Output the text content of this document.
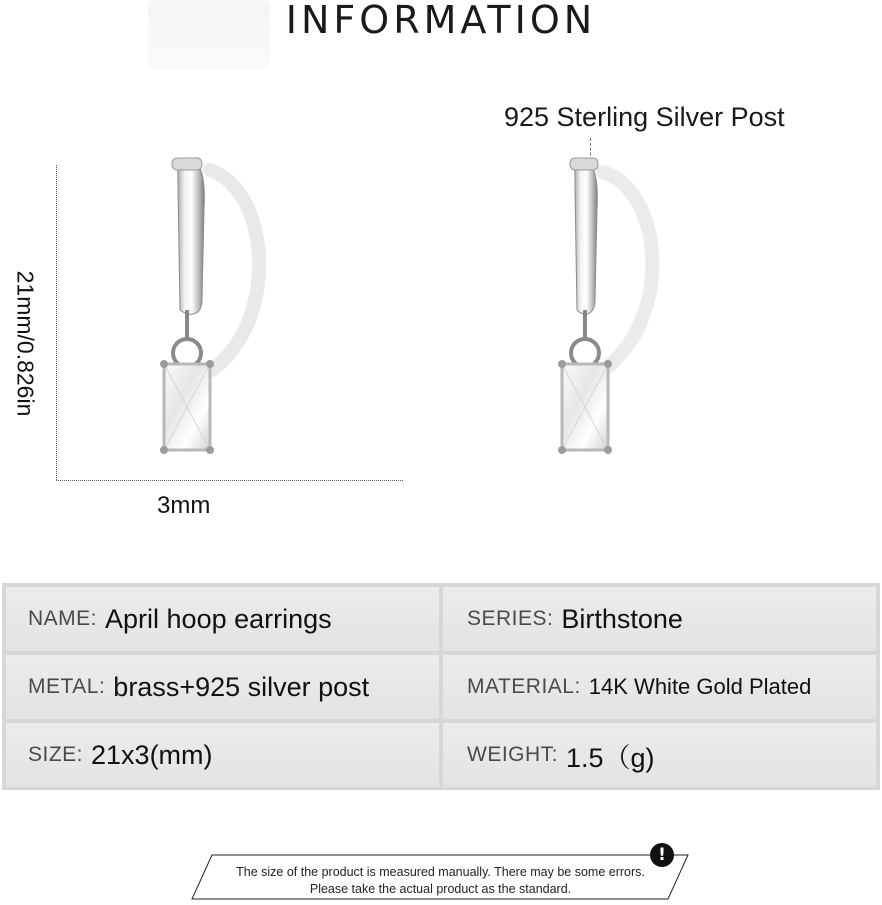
INFORMATION
925 Sterling Silver Post
21mm/0.826in
3mm
NAME: April hoop earrings	SERIES: Birthstone
METAL: brass+925 silver post	MATERIAL: 14K White Gold Plated
SIZE: 21x3(mm)	WEIGHT: 1.5（g)
The size of the product is measured manually. There may be some errors.
Please take the actual product as the standard.
!
